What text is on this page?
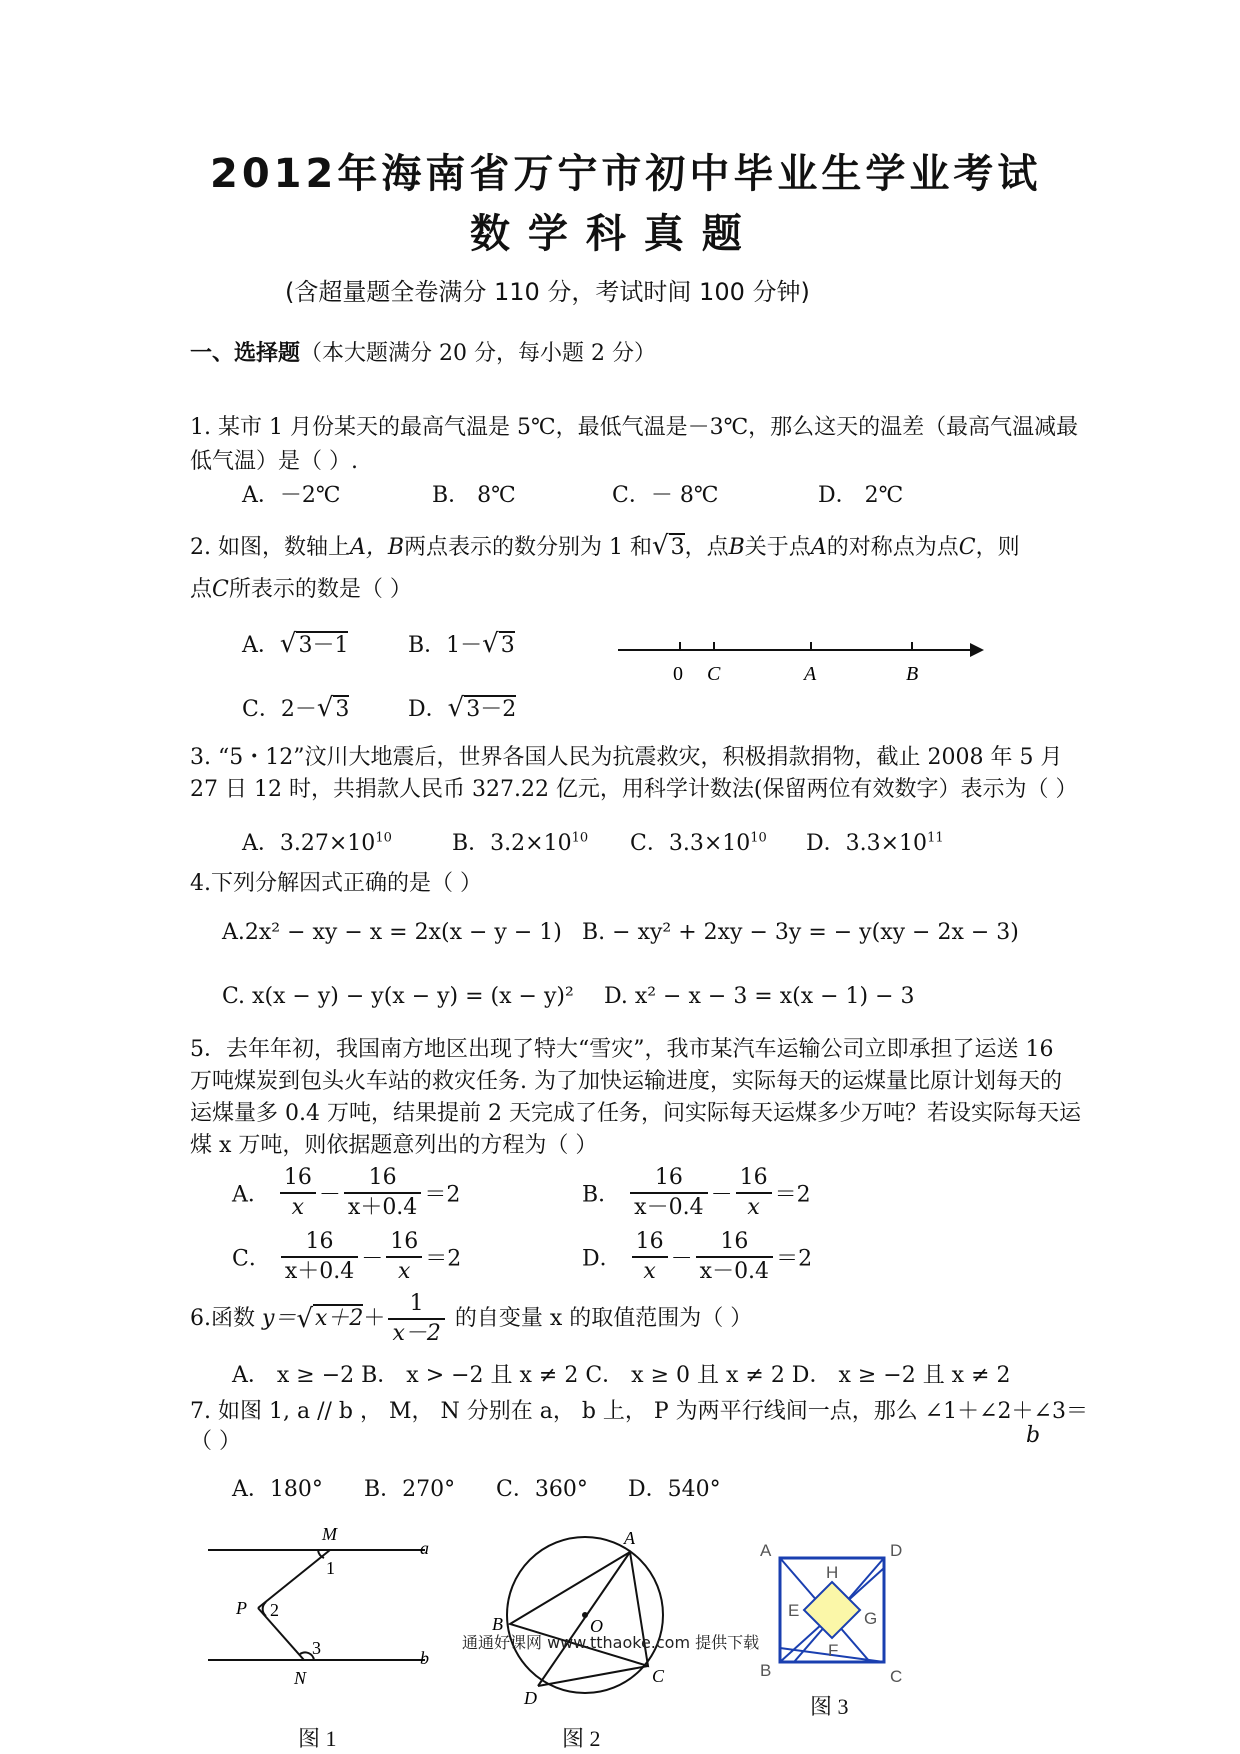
2012年海南省万宁市初中毕业生学业考试
数 学 科 真 题
(含超量题全卷满分 110 分，考试时间 100 分钟)
一、选择题（本大题满分 20 分，每小题 2 分）
1. 某市 1 月份某天的最高气温是 5℃，最低气温是－3℃，那么这天的温差（最高气温减最
低气温）是（ ）.
A．－2℃	B． 8℃	C．－ 8℃	D． 2℃
2. 如图，数轴上A，B两点表示的数分别为 1 和√3，点B关于点A的对称点为点C，则
点C所表示的数是（ ）
A．√3－1	B．1－√3
C．2－√3	D．√3－2
0 C	A	B
3. “5・12”汶川大地震后，世界各国人民为抗震救灾，积极捐款捐物，截止 2008 年 5 月
27 日 12 时，共捐款人民币 327.22 亿元，用科学计数法(保留两位有效数字）表示为（ ）
A．$3.27\times 10^{10}$	B．$3.2\times 10^{10}$ C．$3.3\times 10^{10}$ D．$3.3\times 10^{11}$
4.下列分解因式正确的是（ ）
A.2x² − xy − x = 2x(x − y − 1) B. − xy² + 2xy − 3y = − y(xy − 2x − 3)
C. x(x − y) − y(x − y) = (x − y)² D. x² − x − 3 = x(x − 1) − 3
5．去年年初，我国南方地区出现了特大“雪灾”，我市某汽车运输公司立即承担了运送 16
万吨煤炭到包头火车站的救灾任务. 为了加快运输进度，实际每天的运煤量比原计划每天的
运煤量多 0.4 万吨，结果提前 2 天完成了任务，问实际每天运煤多少万吨？若设实际每天运
煤 x 万吨，则依据题意列出的方程为（ ）
A． $\frac{16}{x} - \frac{16}{x+0.4} =2$	B． $\frac{16}{x-0.4} - \frac{16}{x} =2$
C． $\frac{16}{x+0.4} - \frac{16}{x} =2$	D． $\frac{16}{x} - \frac{16}{x-0.4} =2$
6.函数 $y=√x+2+ \frac{1}{x-2}$ 的自变量 x 的取值范围为（ ）
A． x ≥ −2 B． x > −2 且 x ≠ 2 C． x ≥ 0 且 x ≠ 2 D． x ≥ −2 且 x ≠ 2
7. 如图 1, a // b ， M， N 分别在 a， b 上， P 为两平行线间一点，那么 ∠1＋∠2＋∠3＝
（ ）	b
A．180° B．270° C．360° D．540°
M
a
1
P 2
3	b
N
图 1
A
B	O
D
C
图 2
A	D
H
E	G
F
B	C
图 3
通通好课网 www.tthaoke.com 提供下载
